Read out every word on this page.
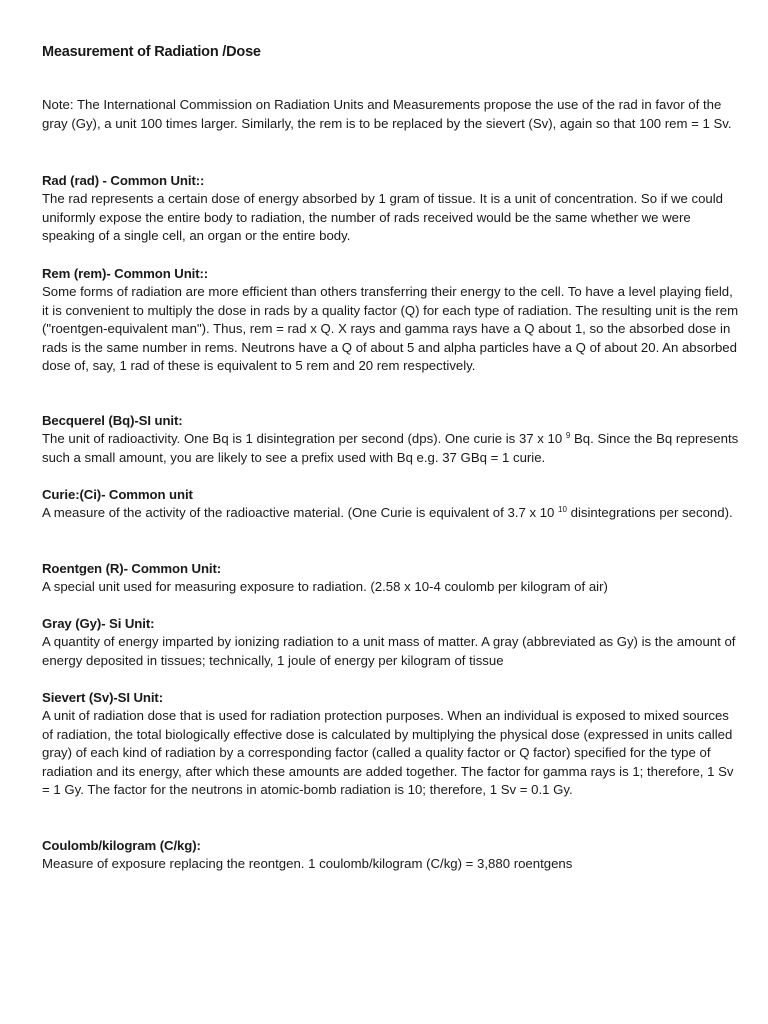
Measurement of Radiation /Dose
Note: The International Commission on Radiation Units and Measurements propose the use of the rad in favor of the gray (Gy), a unit 100 times larger. Similarly, the rem is to be replaced by the sievert (Sv), again so that 100 rem = 1 Sv.
Rad (rad) - Common Unit::
The rad represents a certain dose of energy absorbed by 1 gram of tissue. It is a unit of concentration. So if we could uniformly expose the entire body to radiation, the number of rads received would be the same whether we were speaking of a single cell, an organ or the entire body.
Rem (rem)- Common Unit::
Some forms of radiation are more efficient than others transferring their energy to the cell. To have a level playing field, it is convenient to multiply the dose in rads by a quality factor (Q) for each type of radiation. The resulting unit is the rem ("roentgen-equivalent man"). Thus, rem = rad x Q. X rays and gamma rays have a Q about 1, so the absorbed dose in rads is the same number in rems. Neutrons have a Q of about 5 and alpha particles have a Q of about 20. An absorbed dose of, say, 1 rad of these is equivalent to 5 rem and 20 rem respectively.
Becquerel (Bq)-SI unit:
The unit of radioactivity. One Bq is 1 disintegration per second (dps). One curie is 37 x 10 $^9$ Bq. Since the Bq represents such a small amount, you are likely to see a prefix used with Bq e.g. 37 GBq = 1 curie.
Curie:(Ci)- Common unit
A measure of the activity of the radioactive material. (One Curie is equivalent of 3.7 x 10 $^{10}$ disintegrations per second).
Roentgen (R)- Common Unit:
A special unit used for measuring exposure to radiation. (2.58 x 10-4 coulomb per kilogram of air)
Gray (Gy)- Si Unit:
A quantity of energy imparted by ionizing radiation to a unit mass of matter. A gray (abbreviated as Gy) is the amount of energy deposited in tissues; technically, 1 joule of energy per kilogram of tissue
Sievert (Sv)-SI Unit:
A unit of radiation dose that is used for radiation protection purposes. When an individual is exposed to mixed sources of radiation, the total biologically effective dose is calculated by multiplying the physical dose (expressed in units called gray) of each kind of radiation by a corresponding factor (called a quality factor or Q factor) specified for the type of radiation and its energy, after which these amounts are added together. The factor for gamma rays is 1; therefore, 1 Sv = 1 Gy. The factor for the neutrons in atomic-bomb radiation is 10; therefore, 1 Sv = 0.1 Gy.
Coulomb/kilogram (C/kg):
Measure of exposure replacing the reontgen. 1 coulomb/kilogram (C/kg) = 3,880 roentgens
